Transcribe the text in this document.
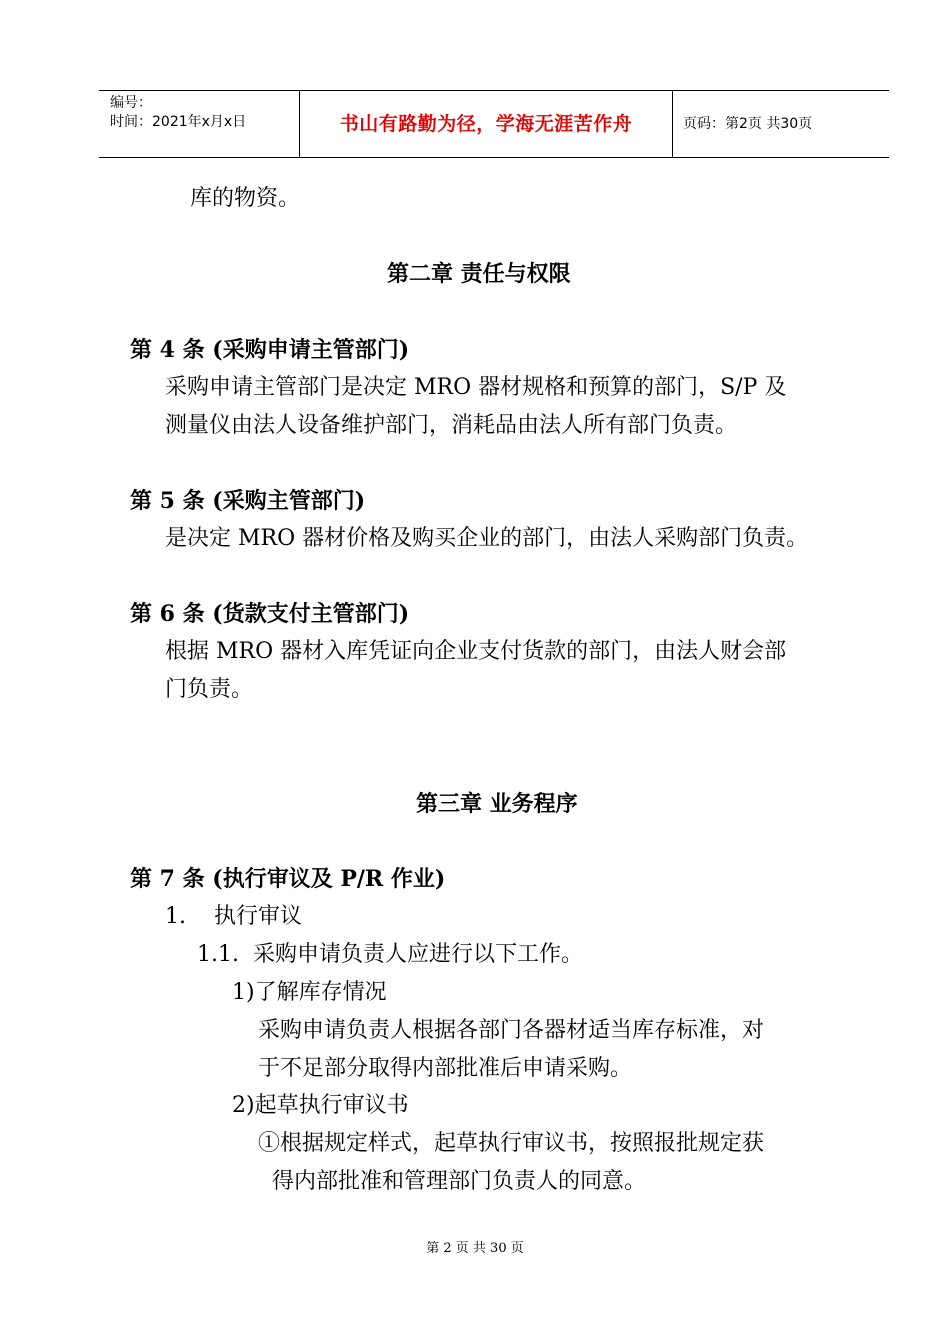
编号：
时间：2021年x月x日	书山有路勤为径，学海无涯苦作舟	页码：第2页 共30页
库的物资。
第二章 责任与权限
第 4 条 (采购申请主管部门)
采购申请主管部门是决定 MRO 器材规格和预算的部门，S/P 及
测量仪由法人设备维护部门，消耗品由法人所有部门负责。
第 5 条 (采购主管部门)
是决定 MRO 器材价格及购买企业的部门，由法人采购部门负责。
第 6 条 (货款支付主管部门)
根据 MRO 器材入库凭证向企业支付货款的部门，由法人财会部
门负责。
第三章 业务程序
第 7 条 (执行审议及 P/R 作业)
1.    执行审议
1.1.  采购申请负责人应进行以下工作。
1)了解库存情况
采购申请负责人根据各部门各器材适当库存标准，对
于不足部分取得内部批准后申请采购。
2)起草执行审议书
①根据规定样式，起草执行审议书，按照报批规定获
得内部批准和管理部门负责人的同意。
第 2 页 共 30 页
